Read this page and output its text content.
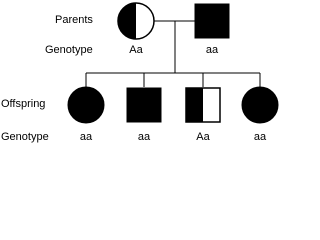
Parents
Genotype
Offspring
Genotype
Aa	aa
aa	aa	Aa	aa
